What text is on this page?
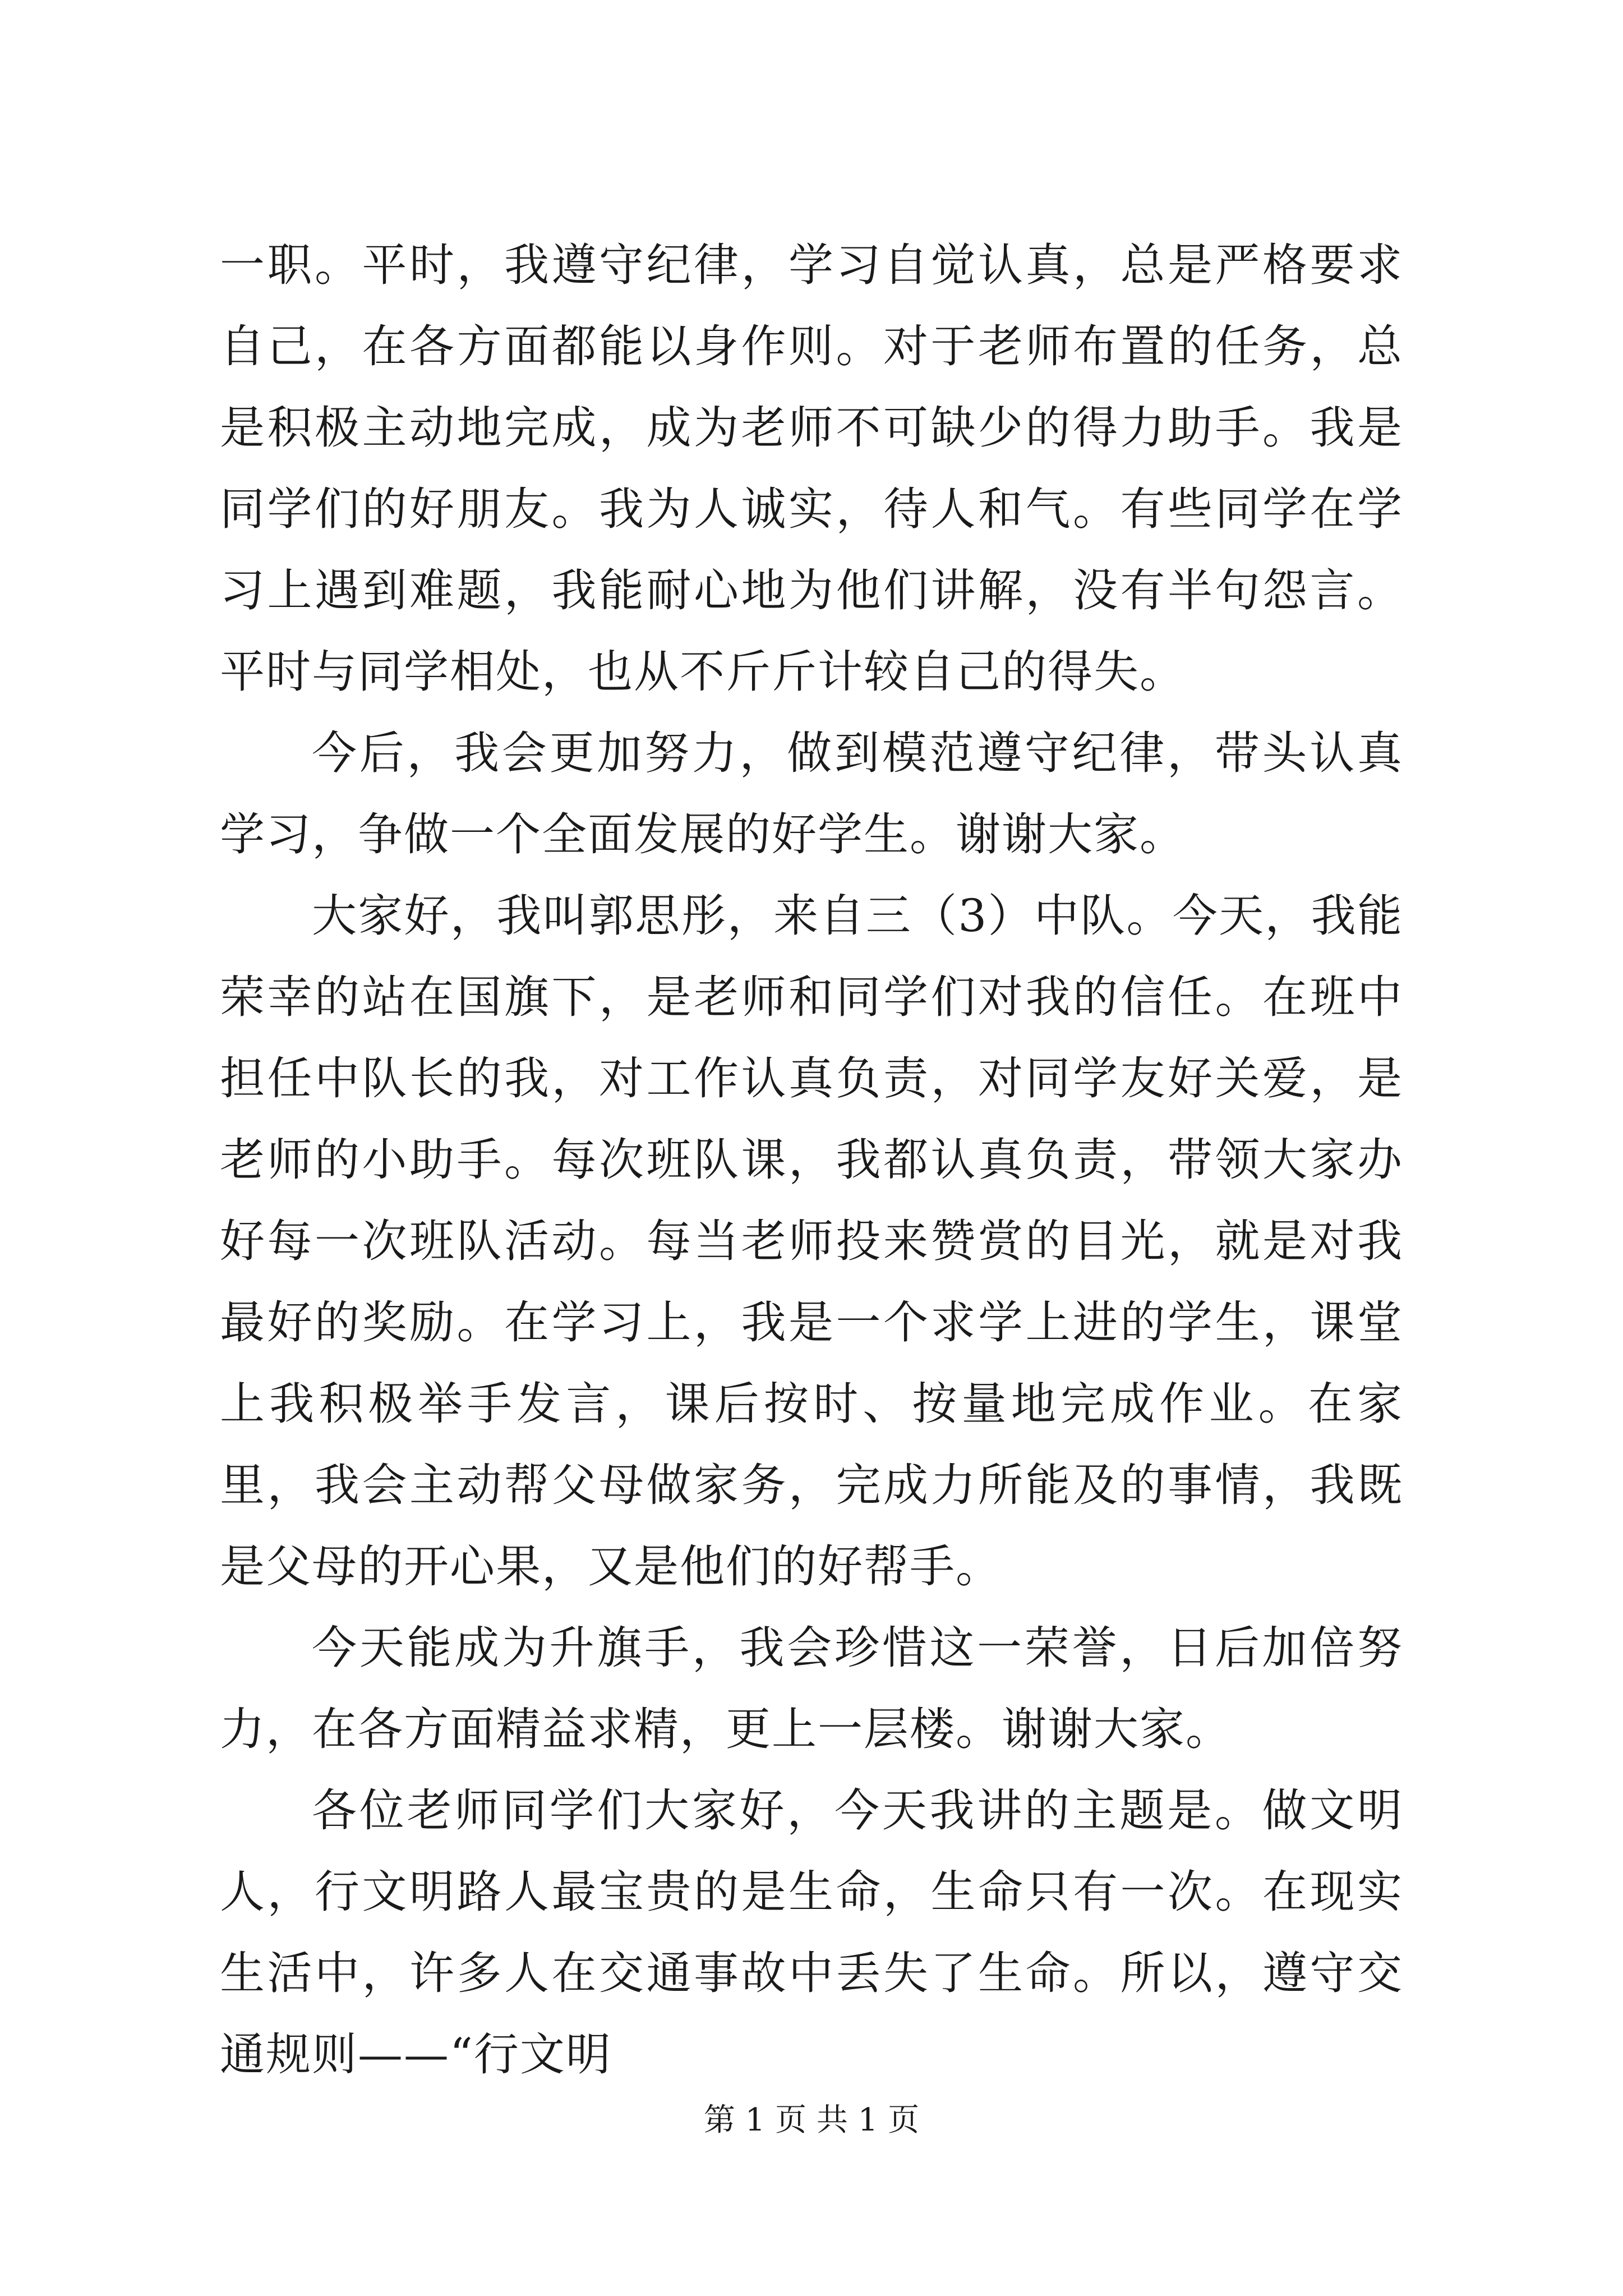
一职。平时，我遵守纪律，学习自觉认真，总是严格要求自己，在各方面都能以身作则。对于老师布置的任务，总是积极主动地完成，成为老师不可缺少的得力助手。我是同学们的好朋友。我为人诚实，待人和气。有些同学在学习上遇到难题，我能耐心地为他们讲解，没有半句怨言。平时与同学相处，也从不斤斤计较自己的得失。

今后，我会更加努力，做到模范遵守纪律，带头认真学习，争做一个全面发展的好学生。谢谢大家。

大家好，我叫郭思彤，来自三（3）中队。今天，我能荣幸的站在国旗下，是老师和同学们对我的信任。在班中担任中队长的我，对工作认真负责，对同学友好关爱，是老师的小助手。每次班队课，我都认真负责，带领大家办好每一次班队活动。每当老师投来赞赏的目光，就是对我最好的奖励。在学习上，我是一个求学上进的学生，课堂上我积极举手发言，课后按时、按量地完成作业。在家里，我会主动帮父母做家务，完成力所能及的事情，我既是父母的开心果，又是他们的好帮手。

今天能成为升旗手，我会珍惜这一荣誉，日后加倍努力，在各方面精益求精，更上一层楼。谢谢大家。

各位老师同学们大家好，今天我讲的主题是。做文明人，行文明路人最宝贵的是生命，生命只有一次。在现实生活中，许多人在交通事故中丢失了生命。所以，遵守交通规则——“行文明

第 1 页 共 1 页
